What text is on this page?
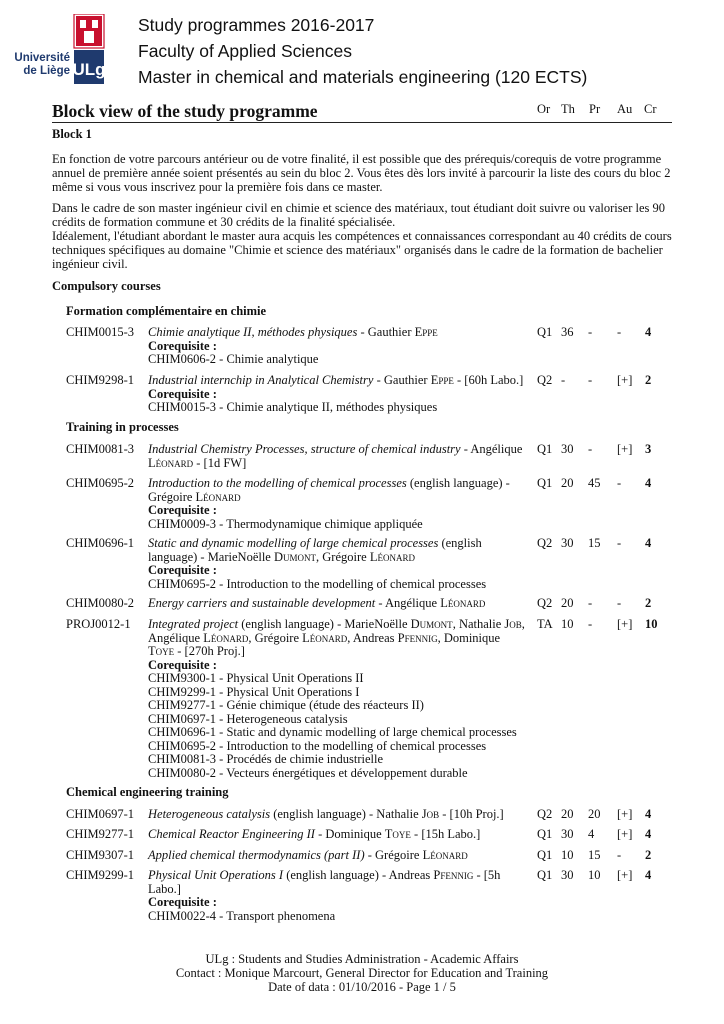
Université
de Liège ULg
Study programmes 2016-2017
Faculty of Applied Sciences
Master in chemical and materials engineering (120 ECTS)
Block view of the study programme	Or Th Pr Au Cr
Block 1
En fonction de votre parcours antérieur ou de votre finalité, il est possible que des prérequis/corequis de votre programme annuel de première année soient présentés au sein du bloc 2. Vous êtes dès lors invité à parcourir la liste des cours du bloc 2 même si vous vous inscrivez pour la première fois dans ce master.
Dans le cadre de son master ingénieur civil en chimie et science des matériaux, tout étudiant doit suivre ou valoriser les 90 crédits de formation commune et 30 crédits de la finalité spécialisée.
Idéalement, l'étudiant abordant le master aura acquis les compétences et connaissances correspondant au 40 crédits de cours techniques spécifiques au domaine "Chimie et science des matériaux" organisés dans le cadre de la formation de bachelier ingénieur civil.
Compulsory courses
Formation complémentaire en chimie
Training in processes
Chemical engineering training
CHIM0015-3 Chimie analytique II, méthodes physiques - Gauthier Eppe
Corequisite :
CHIM0606-2 - Chimie analytique
Q1 36 - - 4
CHIM9298-1 Industrial internchip in Analytical Chemistry - Gauthier Eppe - [60h Labo.]
Corequisite :
CHIM0015-3 - Chimie analytique II, méthodes physiques
Q2 - - [+] 2
CHIM0081-3 Industrial Chemistry Processes, structure of chemical industry - Angélique Léonard - [1d FW]
Q1 30 - [+] 3
CHIM0695-2 Introduction to the modelling of chemical processes (english language) - Grégoire Léonard
Corequisite :
CHIM0009-3 - Thermodynamique chimique appliquée
Q1 20 45 - 4
CHIM0696-1 Static and dynamic modelling of large chemical processes (english language) - MarieNoëlle Dumont, Grégoire Léonard
Corequisite :
CHIM0695-2 - Introduction to the modelling of chemical processes
Q2 30 15 - 4
CHIM0080-2 Energy carriers and sustainable development - Angélique Léonard	Q2 20 - - 2
PROJ0012-1 Integrated project (english language) - MarieNoëlle Dumont, Nathalie Job, Angélique Léonard, Grégoire Léonard, Andreas Pfennig, Dominique Toye - [270h Proj.]
Corequisite :
CHIM9300-1 - Physical Unit Operations II
CHIM9299-1 - Physical Unit Operations I
CHIM9277-1 - Génie chimique (étude des réacteurs II)
CHIM0697-1 - Heterogeneous catalysis
CHIM0696-1 - Static and dynamic modelling of large chemical processes
CHIM0695-2 - Introduction to the modelling of chemical processes
CHIM0081-3 - Procédés de chimie industrielle
CHIM0080-2 - Vecteurs énergétiques et développement durable
TA 10 - [+] 10
CHIM0697-1 Heterogeneous catalysis (english language) - Nathalie Job - [10h Proj.]	Q2 20 20 [+] 4
CHIM9277-1 Chemical Reactor Engineering II - Dominique Toye - [15h Labo.]	Q1 30 4 [+] 4
CHIM9307-1 Applied chemical thermodynamics (part II) - Grégoire Léonard	Q1 10 15 - 2
CHIM9299-1 Physical Unit Operations I (english language) - Andreas Pfennig - [5h Labo.]
Corequisite :
CHIM0022-4 - Transport phenomena
Q1 30 10 [+] 4
ULg : Students and Studies Administration - Academic Affairs
Contact : Monique Marcourt, General Director for Education and Training
Date of data : 01/10/2016 - Page 1 / 5
